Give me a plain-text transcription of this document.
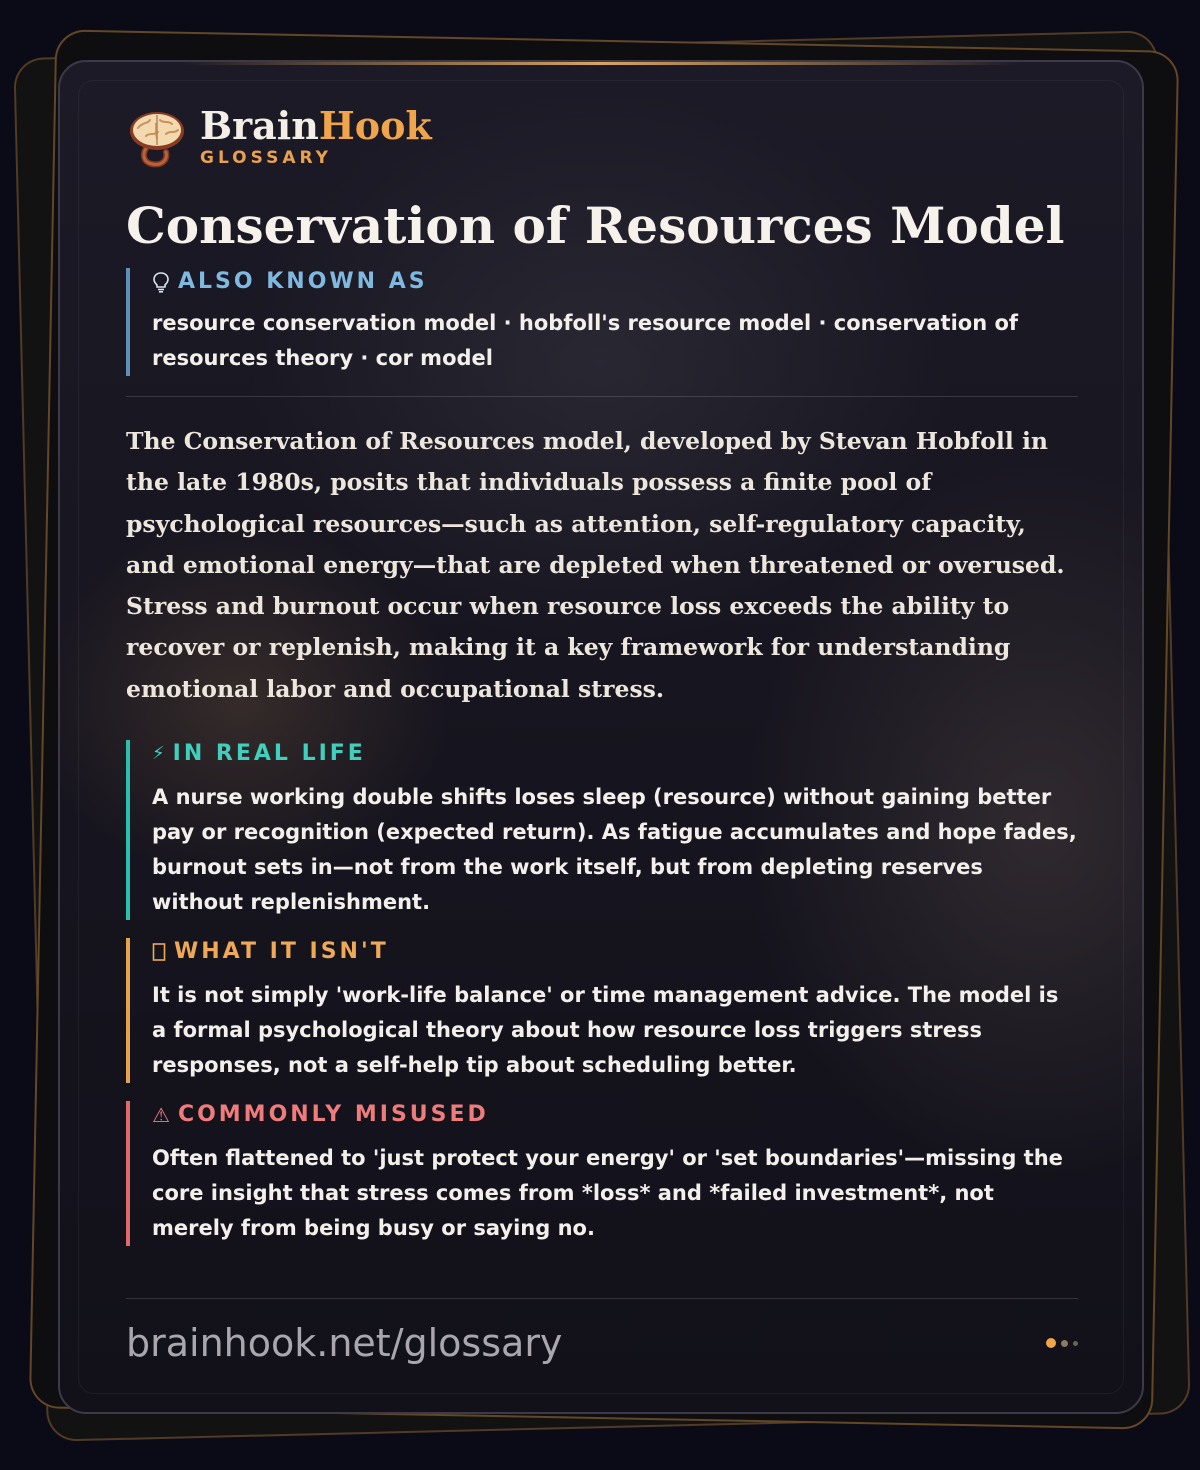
BrainHook
GLOSSARY
Conservation of Resources Model
ALSO KNOWN AS
resource conservation model · hobfoll's resource model · conservation of resources theory · cor model
The Conservation of Resources model, developed by Stevan Hobfoll in the late 1980s, posits that individuals possess a finite pool of psychological resources—such as attention, self-regulatory capacity, and emotional energy—that are depleted when threatened or overused. Stress and burnout occur when resource loss exceeds the ability to recover or replenish, making it a key framework for understanding emotional labor and occupational stress.
⚡ IN REAL LIFE
A nurse working double shifts loses sleep (resource) without gaining better pay or recognition (expected return). As fatigue accumulates and hope fades, burnout sets in—not from the work itself, but from depleting reserves without replenishment.
WHAT IT ISN'T
It is not simply 'work-life balance' or time management advice. The model is a formal psychological theory about how resource loss triggers stress responses, not a self-help tip about scheduling better.
⚠ COMMONLY MISUSED
Often flattened to 'just protect your energy' or 'set boundaries'—missing the core insight that stress comes from *loss* and *failed investment*, not merely from being busy or saying no.
brainhook.net/glossary
